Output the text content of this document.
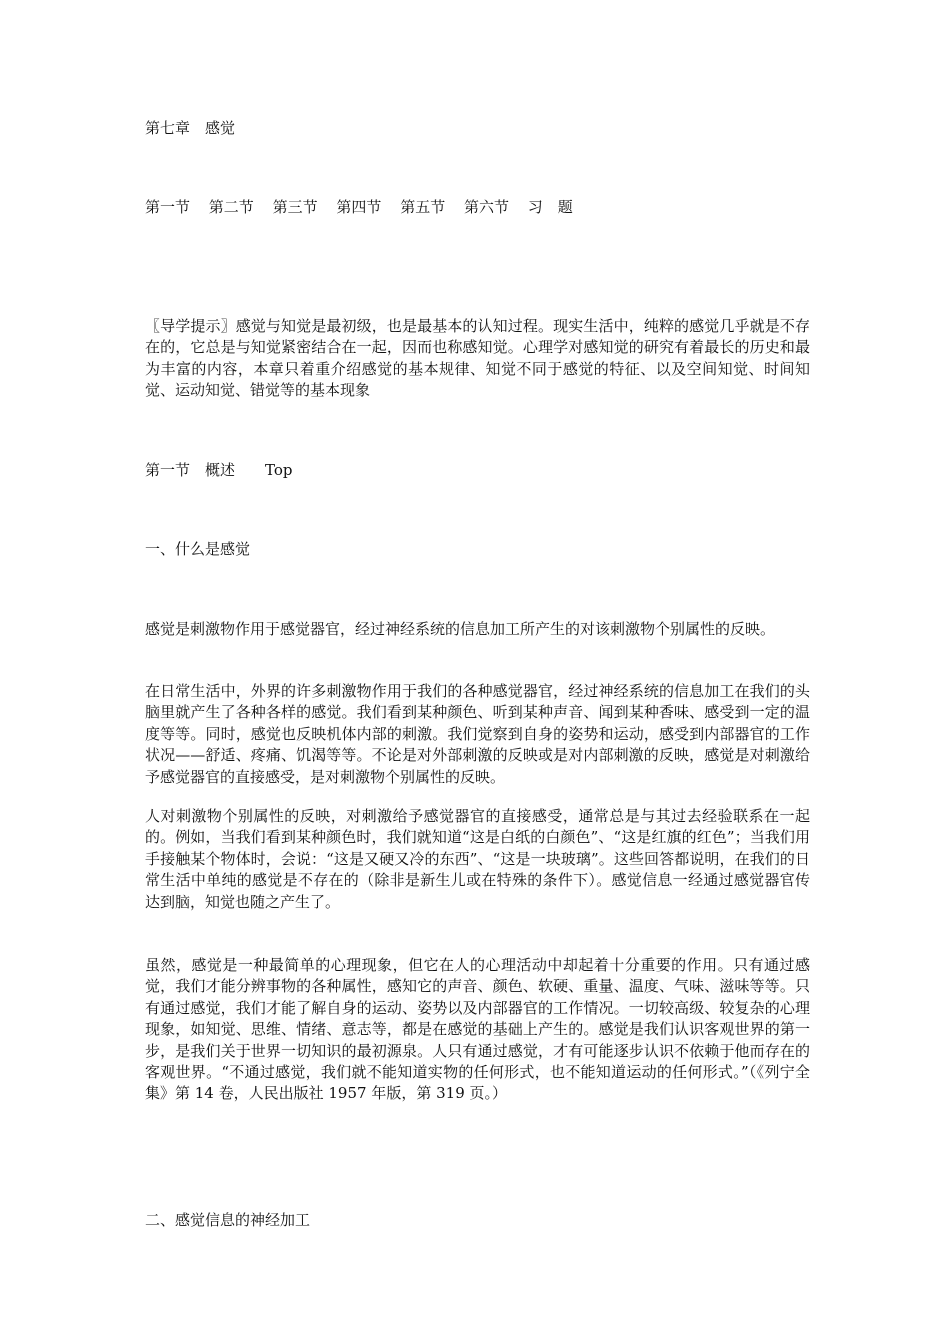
第七章　感觉
第一节 第二节 第三节 第四节 第五节 第六节 习　题
〖导学提示〗感觉与知觉是最初级，也是最基本的认知过程。现实生活中，纯粹的感觉几乎就是不存在的，它总是与知觉紧密结合在一起，因而也称感知觉。心理学对感知觉的研究有着最长的历史和最为丰富的内容，本章只着重介绍感觉的基本规律、知觉不同于感觉的特征、以及空间知觉、时间知觉、运动知觉、错觉等的基本现象
第一节　概述 Top
一、什么是感觉
感觉是刺激物作用于感觉器官，经过神经系统的信息加工所产生的对该刺激物个别属性的反映。
在日常生活中，外界的许多刺激物作用于我们的各种感觉器官，经过神经系统的信息加工在我们的头脑里就产生了各种各样的感觉。我们看到某种颜色、听到某种声音、闻到某种香味、感受到一定的温度等等。同时，感觉也反映机体内部的刺激。我们觉察到自身的姿势和运动，感受到内部器官的工作状况——舒适、疼痛、饥渴等等。不论是对外部刺激的反映或是对内部刺激的反映，感觉是对刺激给予感觉器官的直接感受，是对刺激物个别属性的反映。
人对刺激物个别属性的反映，对刺激给予感觉器官的直接感受，通常总是与其过去经验联系在一起的。例如，当我们看到某种颜色时，我们就知道“这是白纸的白颜色”、“这是红旗的红色”；当我们用手接触某个物体时，会说：“这是又硬又冷的东西”、“这是一块玻璃”。这些回答都说明，在我们的日常生活中单纯的感觉是不存在的（除非是新生儿或在特殊的条件下）。感觉信息一经通过感觉器官传达到脑，知觉也随之产生了。
虽然，感觉是一种最简单的心理现象，但它在人的心理活动中却起着十分重要的作用。只有通过感觉，我们才能分辨事物的各种属性，感知它的声音、颜色、软硬、重量、温度、气味、滋味等等。只有通过感觉，我们才能了解自身的运动、姿势以及内部器官的工作情况。一切较高级、较复杂的心理现象，如知觉、思维、情绪、意志等，都是在感觉的基础上产生的。感觉是我们认识客观世界的第一步，是我们关于世界一切知识的最初源泉。人只有通过感觉，才有可能逐步认识不依赖于他而存在的客观世界。“不通过感觉，我们就不能知道实物的任何形式，也不能知道运动的任何形式。”（《列宁全集》第 14 卷，人民出版社 1957 年版，第 319 页。）
二、感觉信息的神经加工
